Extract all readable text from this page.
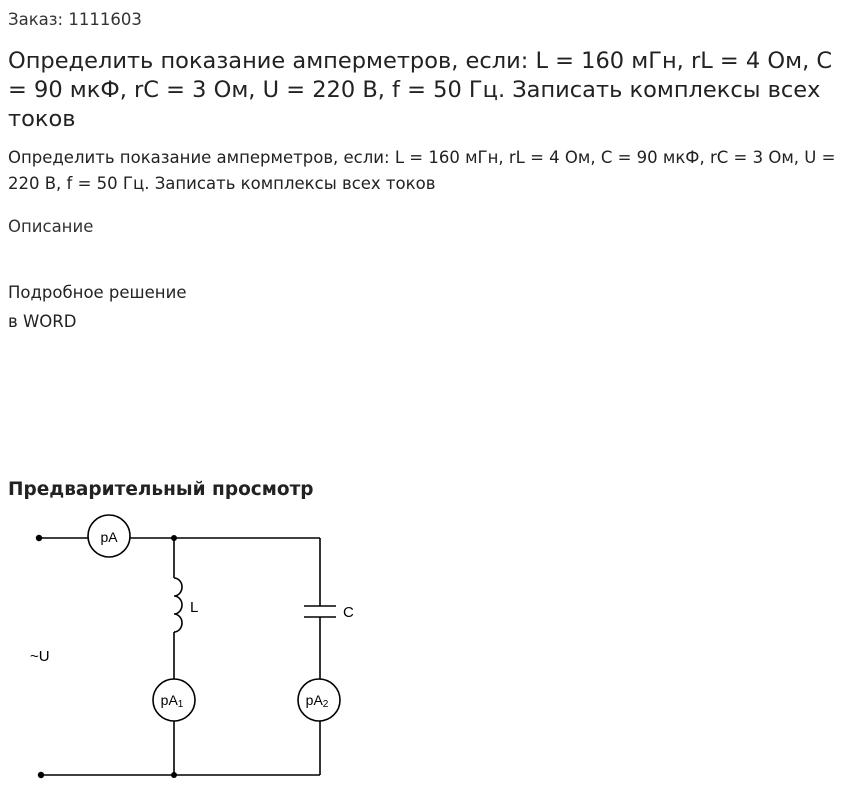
Заказ: 1111603
Определить показание амперметров, если: L = 160 мГн, rL = 4 Ом, C = 90 мкФ, rC = 3 Ом, U = 220 В, f = 50 Гц. Записать комплексы всех токов

Определить показание амперметров, если: L = 160 мГн, rL = 4 Ом, C = 90 мкФ, rC = 3 Ом, U = 220 В, f = 50 Гц. Записать комплексы всех токов

Описание
Подробное решение
в WORD
Предварительный просмотр
pA
pA1	pA2
L	C
~U
